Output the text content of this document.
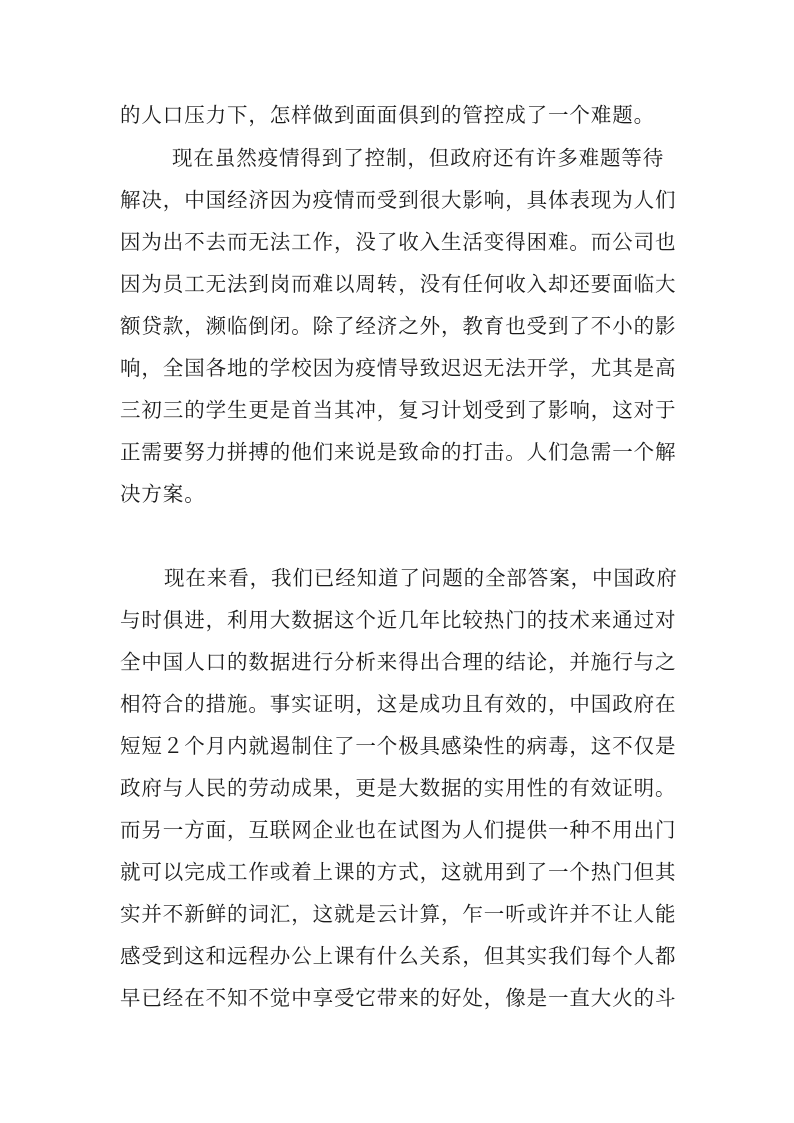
的人口压力下，怎样做到面面俱到的管控成了一个难题。
现在虽然疫情得到了控制，但政府还有许多难题等待
解决，中国经济因为疫情而受到很大影响，具体表现为人们
因为出不去而无法工作，没了收入生活变得困难。而公司也
因为员工无法到岗而难以周转，没有任何收入却还要面临大
额贷款，濒临倒闭。除了经济之外，教育也受到了不小的影
响，全国各地的学校因为疫情导致迟迟无法开学，尤其是高
三初三的学生更是首当其冲，复习计划受到了影响，这对于
正需要努力拼搏的他们来说是致命的打击。人们急需一个解
决方案。
现在来看，我们已经知道了问题的全部答案，中国政府
与时俱进，利用大数据这个近几年比较热门的技术来通过对
全中国人口的数据进行分析来得出合理的结论，并施行与之
相符合的措施。事实证明，这是成功且有效的，中国政府在
短短２个月内就遏制住了一个极具感染性的病毒，这不仅是
政府与人民的劳动成果，更是大数据的实用性的有效证明。
而另一方面，互联网企业也在试图为人们提供一种不用出门
就可以完成工作或着上课的方式，这就用到了一个热门但其
实并不新鲜的词汇，这就是云计算，乍一听或许并不让人能
感受到这和远程办公上课有什么关系，但其实我们每个人都
早已经在不知不觉中享受它带来的好处，像是一直大火的斗
